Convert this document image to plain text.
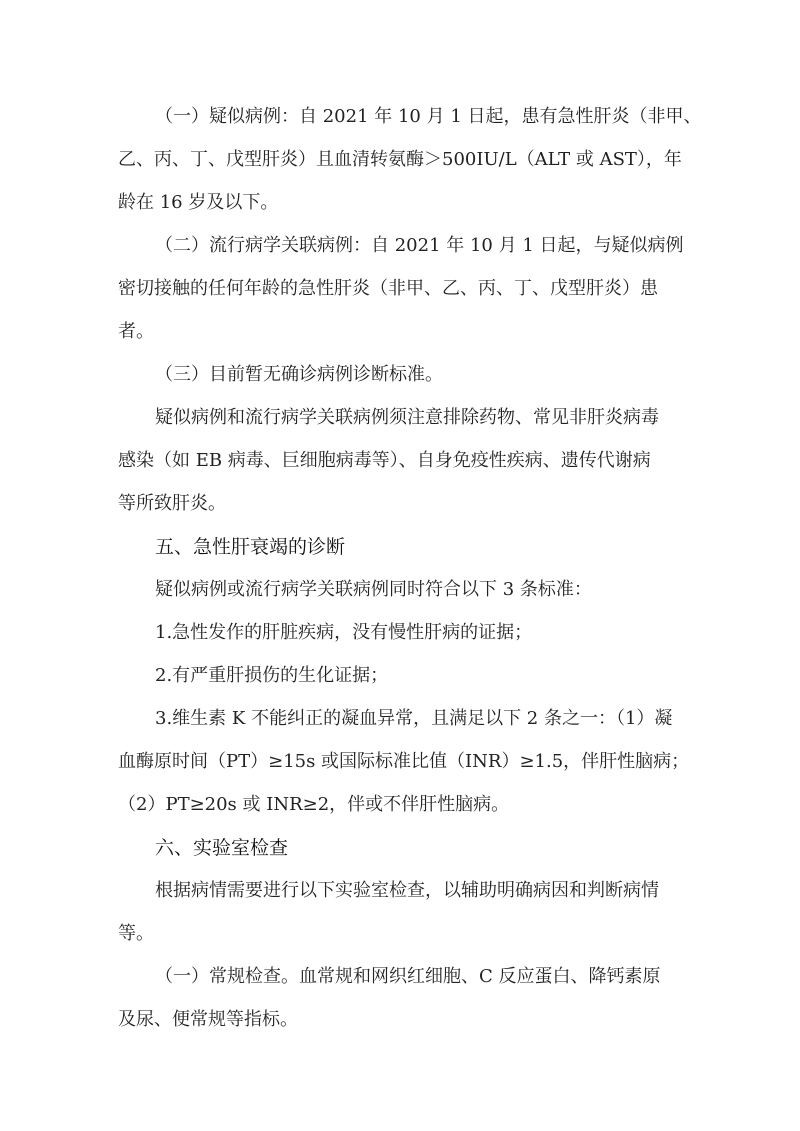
（一）疑似病例：自 2021 年 10 月 1 日起，患有急性肝炎（非甲、
乙、丙、丁、戊型肝炎）且血清转氨酶＞500IU/L（ALT 或 AST），年
龄在 16 岁及以下。
（二）流行病学关联病例：自 2021 年 10 月 1 日起，与疑似病例
密切接触的任何年龄的急性肝炎（非甲、乙、丙、丁、戊型肝炎）患
者。
（三）目前暂无确诊病例诊断标准。
疑似病例和流行病学关联病例须注意排除药物、常见非肝炎病毒
感染（如 EB 病毒、巨细胞病毒等）、自身免疫性疾病、遗传代谢病
等所致肝炎。
五、急性肝衰竭的诊断
疑似病例或流行病学关联病例同时符合以下 3 条标准：
1.急性发作的肝脏疾病，没有慢性肝病的证据；
2.有严重肝损伤的生化证据；
3.维生素 K 不能纠正的凝血异常，且满足以下 2 条之一：（1）凝
血酶原时间（PT）≥15s 或国际标准比值（INR）≥1.5，伴肝性脑病；
（2）PT≥20s 或 INR≥2，伴或不伴肝性脑病。
六、实验室检查
根据病情需要进行以下实验室检查，以辅助明确病因和判断病情
等。
（一）常规检查。血常规和网织红细胞、C 反应蛋白、降钙素原
及尿、便常规等指标。
